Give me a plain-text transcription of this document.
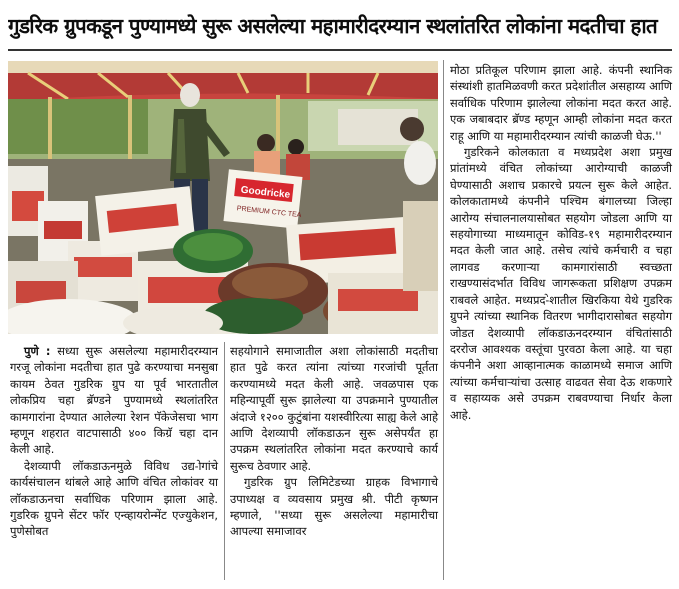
गुडरिक ग्रुपकडून पुण्यामध्ये सुरू असलेल्या महामारीदरम्यान स्थलांतरित लोकांना मदतीचा हात
Goodricke
PREMIUM CTC TEA

पुणे : सध्या सुरू असलेल्या महामारीदरम्यान गरजू लोकांना मदतीचा हात पुढे करण्याचा मनसुबा कायम ठेवत गुडरिक ग्रुप या पूर्व भारतातील लोकप्रिय चहा ब्रॅण्डने पुण्यामध्ये स्थलांतरित कामगारांना देण्यात आलेल्या रेशन पॅकेजेसचा भाग म्हणून शहरात वाटपासाठी ४०० किग्रॅ चहा दान केली आहे.

देशव्यापी लॉकडाऊनमुळे विविध उद्य-ोगांचे कार्यसंचालन थांबले आहे आणि वंचित लोकांवर या लॉकडाऊनचा सर्वाधिक परिणाम झाला आहे. गुडरिक ग्रुपने सेंटर फॉर एन्व्हायरोन्मेंट एज्युकेशन, पुणेसोबत

सहयोगाने समाजातील अशा लोकांसाठी मदतीचा हात पुढे करत त्यांना त्यांच्या गरजांची पूर्तता करण्यामध्ये मदत केली आहे. जवळपास एक महिन्यापूर्वी सुरू झालेल्या या उपक्रमाने पुण्यातील अंदाजे १२०० कुटुंबांना यशस्वीरित्या साह्य केले आहे आणि देशव्यापी लॉकडाऊन सुरू असेपर्यंत हा उपक्रम स्थलांतरित लोकांना मदत करण्याचे कार्य सुरूच ठेवणार आहे.

गुडरिक ग्रुप लिमिटेडच्या ग्राहक विभागाचे उपाध्यक्ष व व्यवसाय प्रमुख श्री. पीटी कृष्णन म्हणाले, ''सध्या सुरू असलेल्या महामारीचा आपल्या समाजावर

मोठा प्रतिकूल परिणाम झाला आहे. कंपनी स्थानिक संस्थांशी हातमिळवणी करत प्रदेशांतील असहाय्य आणि सर्वाधिक परिणाम झालेल्या लोकांना मदत करत आहे. एक जबाबदार ब्रॅण्ड म्हणून आम्ही लोकांना मदत करत राहू आणि या महामारीदरम्यान त्यांची काळजी घेऊ.''

गुडरिकने कोलकाता व मध्यप्रदेश अशा प्रमुख प्रांतांमध्ये वंचित लोकांच्या आरोग्याची काळजी घेण्यासाठी अशाच प्रकारचे प्रयत्न सुरू केले आहेत. कोलकातामध्ये कंपनीने पश्चिम बंगालच्या जिल्हा आरोग्य संचालनालयासोबत सहयोग जोडला आणि या सहयोगाच्या माध्यमातून कोविड-१९ महामारीदरम्यान मदत केली जात आहे. तसेच त्यांचे कर्मचारी व चहा लागवड करणाऱ्या कामगारांसाठी स्वच्छता राखण्यासंदर्भात विविध जागरूकता प्रशिक्षण उपक्रम राबवले आहेत. मध्यप्रद-ेशातील खिरकिया येथे गुडरिक ग्रुपने त्यांच्या स्थानिक वितरण भागीदारासोबत सहयोग जोडत देशव्यापी लॉकडाऊनदरम्यान वंचितांसाठी दररोज आवश्यक वस्तूंचा पुरवठा केला आहे. या चहा कंपनीने अशा आव्हानात्मक काळामध्ये समाज आणि त्यांच्या कर्मचाऱ्यांचा उत्साह वाढवत सेवा देऊ शकणारे व सहाय्यक असे उपक्रम राबवण्याचा निर्धार केला आहे.
